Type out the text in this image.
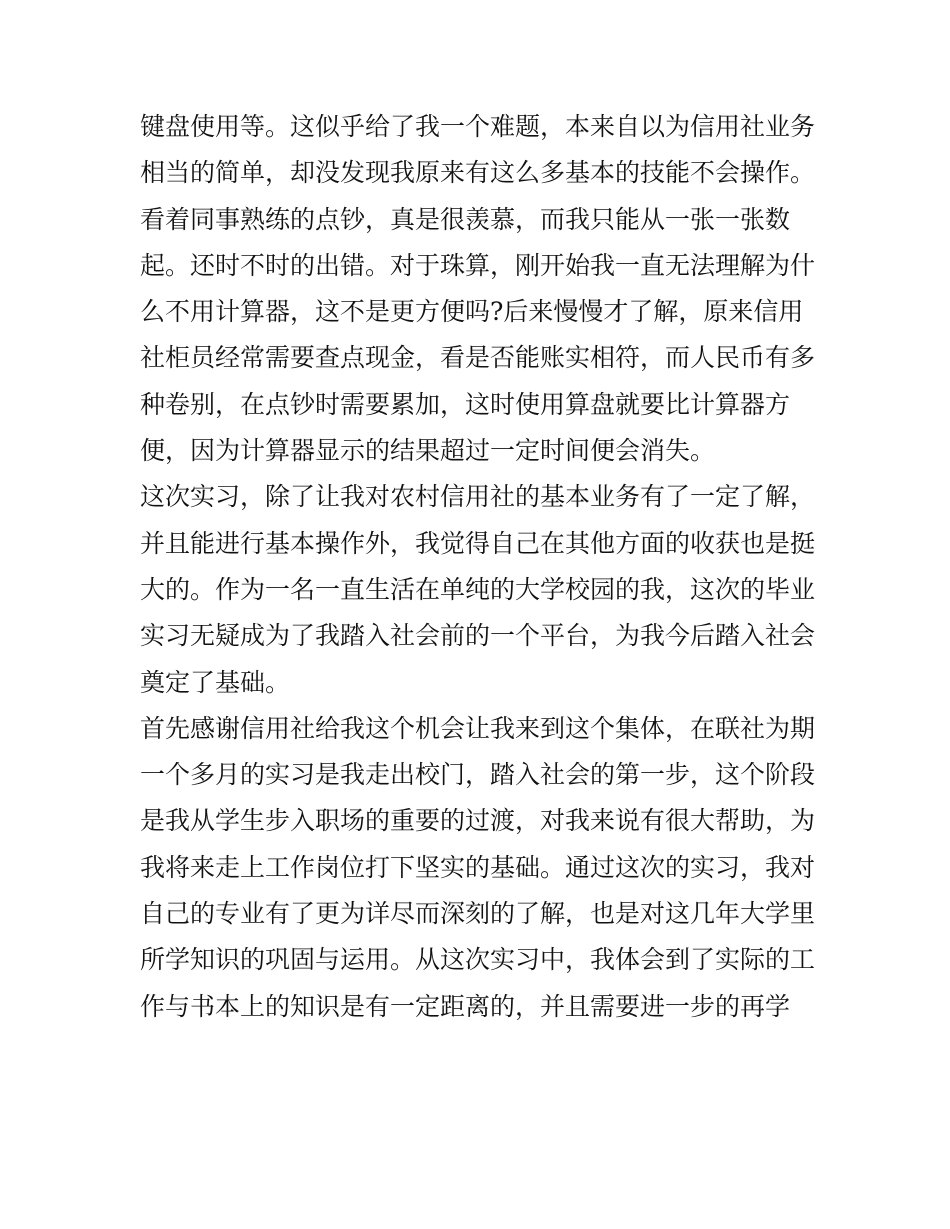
键盘使用等。这似乎给了我一个难题，本来自以为信用社业务

相当的简单，却没发现我原来有这么多基本的技能不会操作。

看着同事熟练的点钞，真是很羡慕，而我只能从一张一张数

起。还时不时的出错。对于珠算，刚开始我一直无法理解为什

么不用计算器，这不是更方便吗?后来慢慢才了解，原来信用

社柜员经常需要查点现金，看是否能账实相符，而人民币有多

种卷别，在点钞时需要累加，这时使用算盘就要比计算器方

便，因为计算器显示的结果超过一定时间便会消失。

这次实习，除了让我对农村信用社的基本业务有了一定了解，

并且能进行基本操作外，我觉得自己在其他方面的收获也是挺

大的。作为一名一直生活在单纯的大学校园的我，这次的毕业

实习无疑成为了我踏入社会前的一个平台，为我今后踏入社会

奠定了基础。

首先感谢信用社给我这个机会让我来到这个集体，在联社为期

一个多月的实习是我走出校门，踏入社会的第一步，这个阶段

是我从学生步入职场的重要的过渡，对我来说有很大帮助，为

我将来走上工作岗位打下坚实的基础。通过这次的实习，我对

自己的专业有了更为详尽而深刻的了解，也是对这几年大学里

所学知识的巩固与运用。从这次实习中，我体会到了实际的工

作与书本上的知识是有一定距离的，并且需要进一步的再学
